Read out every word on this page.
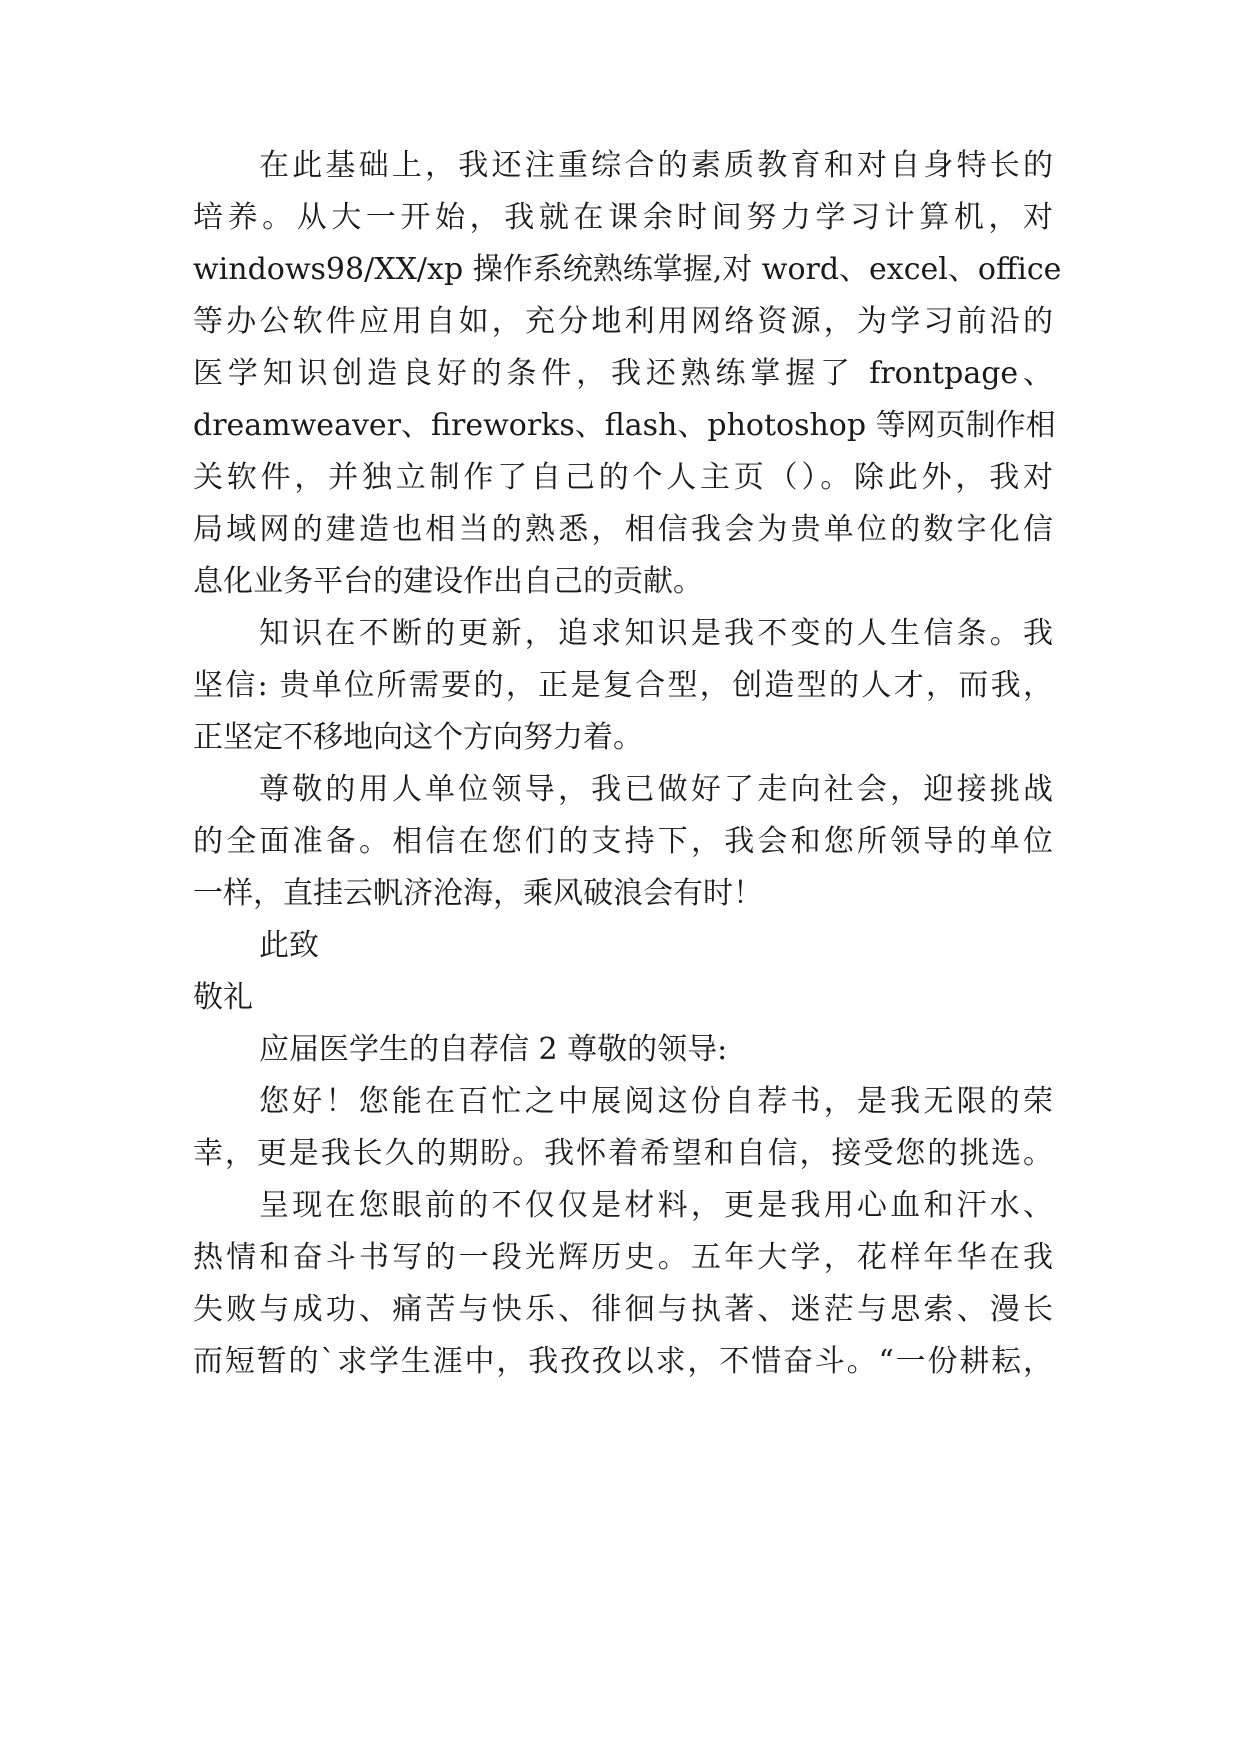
在此基础上，我还注重综合的素质教育和对自身特长的
培养。从大一开始，我就在课余时间努力学习计算机，对
windows98/XX/xp 操作系统熟练掌握,对 word、excel、office
等办公软件应用自如，充分地利用网络资源，为学习前沿的
医学知识创造良好的条件，我还熟练掌握了 frontpage、
dreamweaver、fireworks、flash、photoshop 等网页制作相
关软件，并独立制作了自己的个人主页（）。除此外，我对
局域网的建造也相当的熟悉，相信我会为贵单位的数字化信
息化业务平台的建设作出自己的贡献。
知识在不断的更新，追求知识是我不变的人生信条。我
坚信: 贵单位所需要的，正是复合型，创造型的人才，而我，
正坚定不移地向这个方向努力着。
尊敬的用人单位领导，我已做好了走向社会，迎接挑战
的全面准备。相信在您们的支持下，我会和您所领导的单位
一样，直挂云帆济沧海，乘风破浪会有时！
此致
敬礼
应届医学生的自荐信 2 尊敬的领导:
您好！您能在百忙之中展阅这份自荐书，是我无限的荣
幸，更是我长久的期盼。我怀着希望和自信，接受您的挑选。
呈现在您眼前的不仅仅是材料，更是我用心血和汗水、
热情和奋斗书写的一段光辉历史。五年大学，花样年华在我
失败与成功、痛苦与快乐、徘徊与执著、迷茫与思索、漫长
而短暂的`求学生涯中，我孜孜以求，不惜奋斗。“一份耕耘，
